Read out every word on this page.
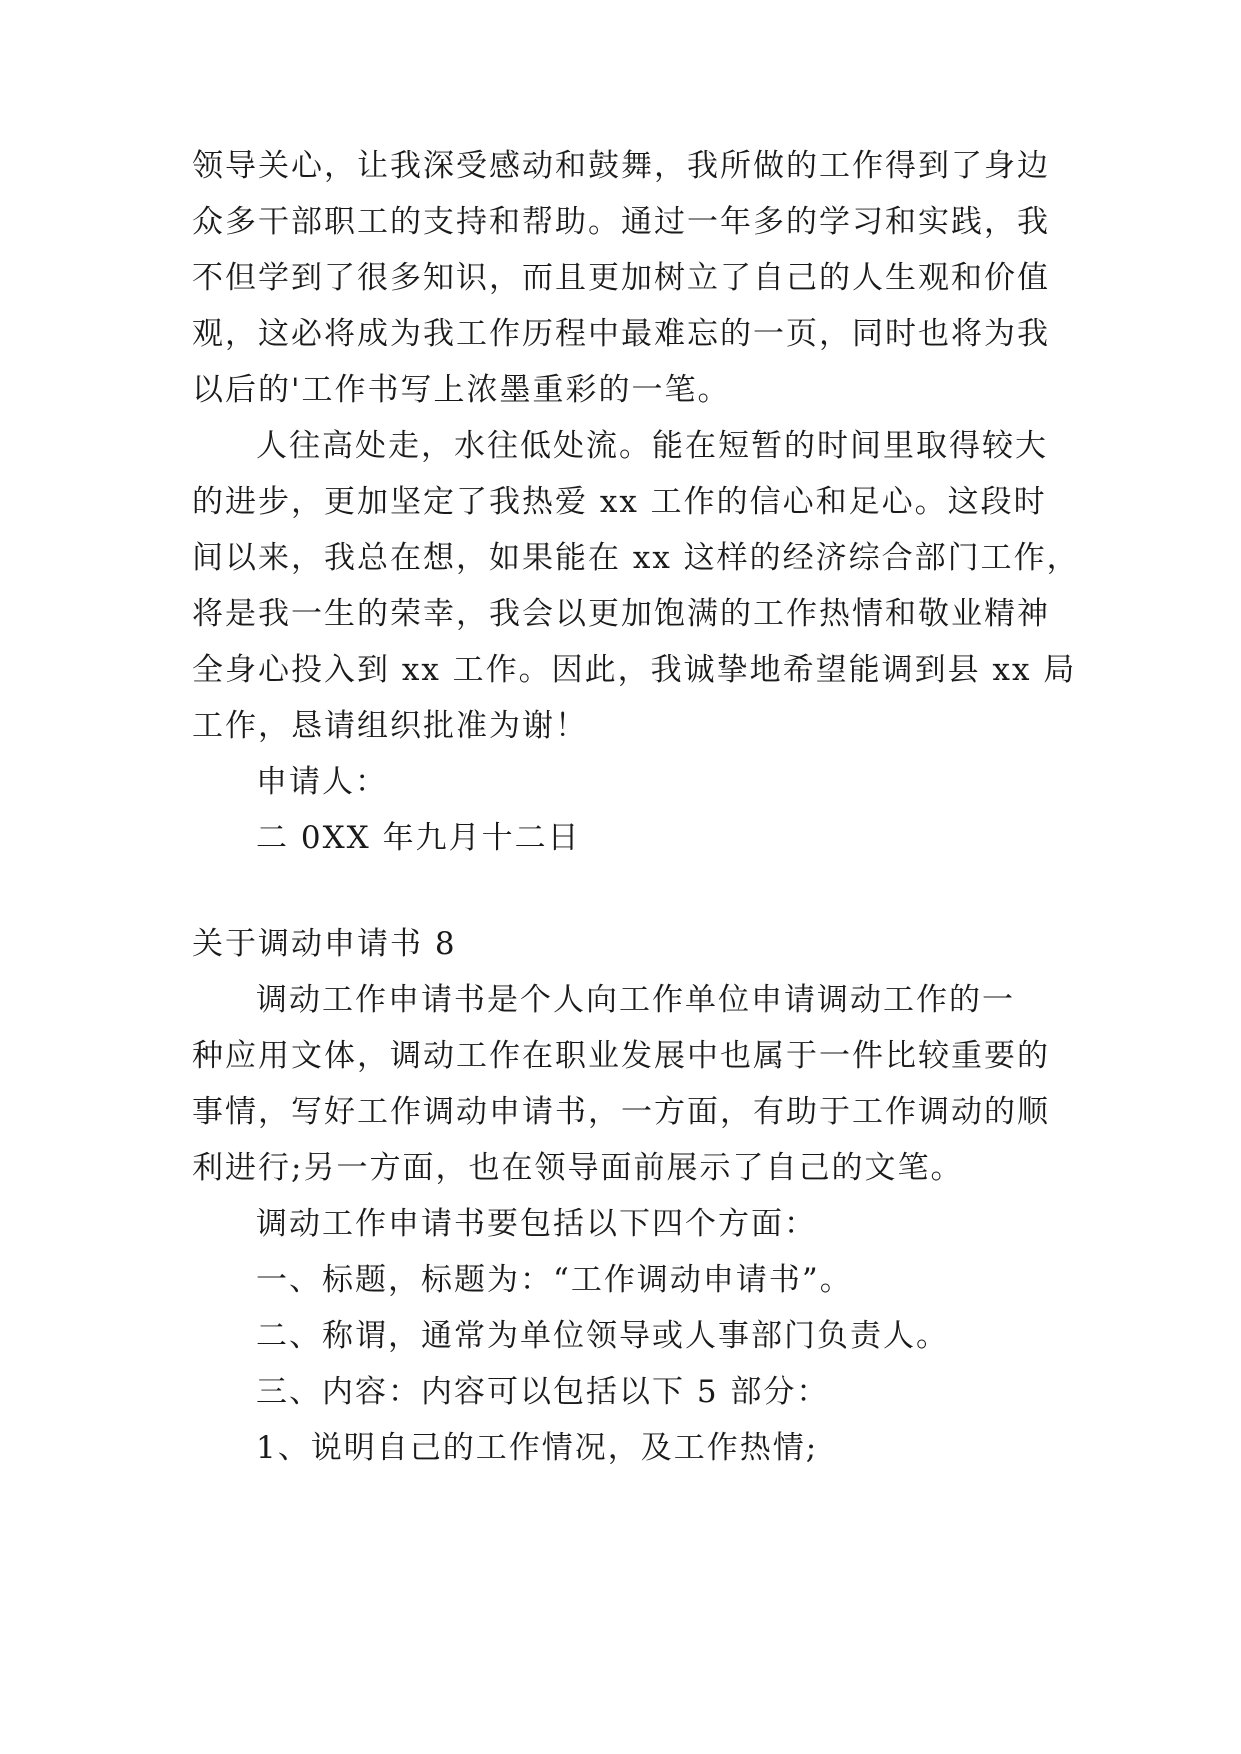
领导关心，让我深受感动和鼓舞，我所做的工作得到了身边
众多干部职工的支持和帮助。通过一年多的学习和实践，我
不但学到了很多知识，而且更加树立了自己的人生观和价值
观，这必将成为我工作历程中最难忘的一页，同时也将为我
以后的'工作书写上浓墨重彩的一笔。
人往高处走，水往低处流。能在短暂的时间里取得较大
的进步，更加坚定了我热爱 xx 工作的信心和足心。这段时
间以来，我总在想，如果能在 xx 这样的经济综合部门工作，
将是我一生的荣幸，我会以更加饱满的工作热情和敬业精神
全身心投入到 xx 工作。因此，我诚挚地希望能调到县 xx 局
工作，恳请组织批准为谢！
申请人：
二 0XX 年九月十二日
关于调动申请书 8
调动工作申请书是个人向工作单位申请调动工作的一
种应用文体，调动工作在职业发展中也属于一件比较重要的
事情，写好工作调动申请书，一方面，有助于工作调动的顺
利进行;另一方面，也在领导面前展示了自己的文笔。
调动工作申请书要包括以下四个方面：
一、标题，标题为：“工作调动申请书”。
二、称谓，通常为单位领导或人事部门负责人。
三、内容：内容可以包括以下 5 部分：
1、说明自己的工作情况，及工作热情;
